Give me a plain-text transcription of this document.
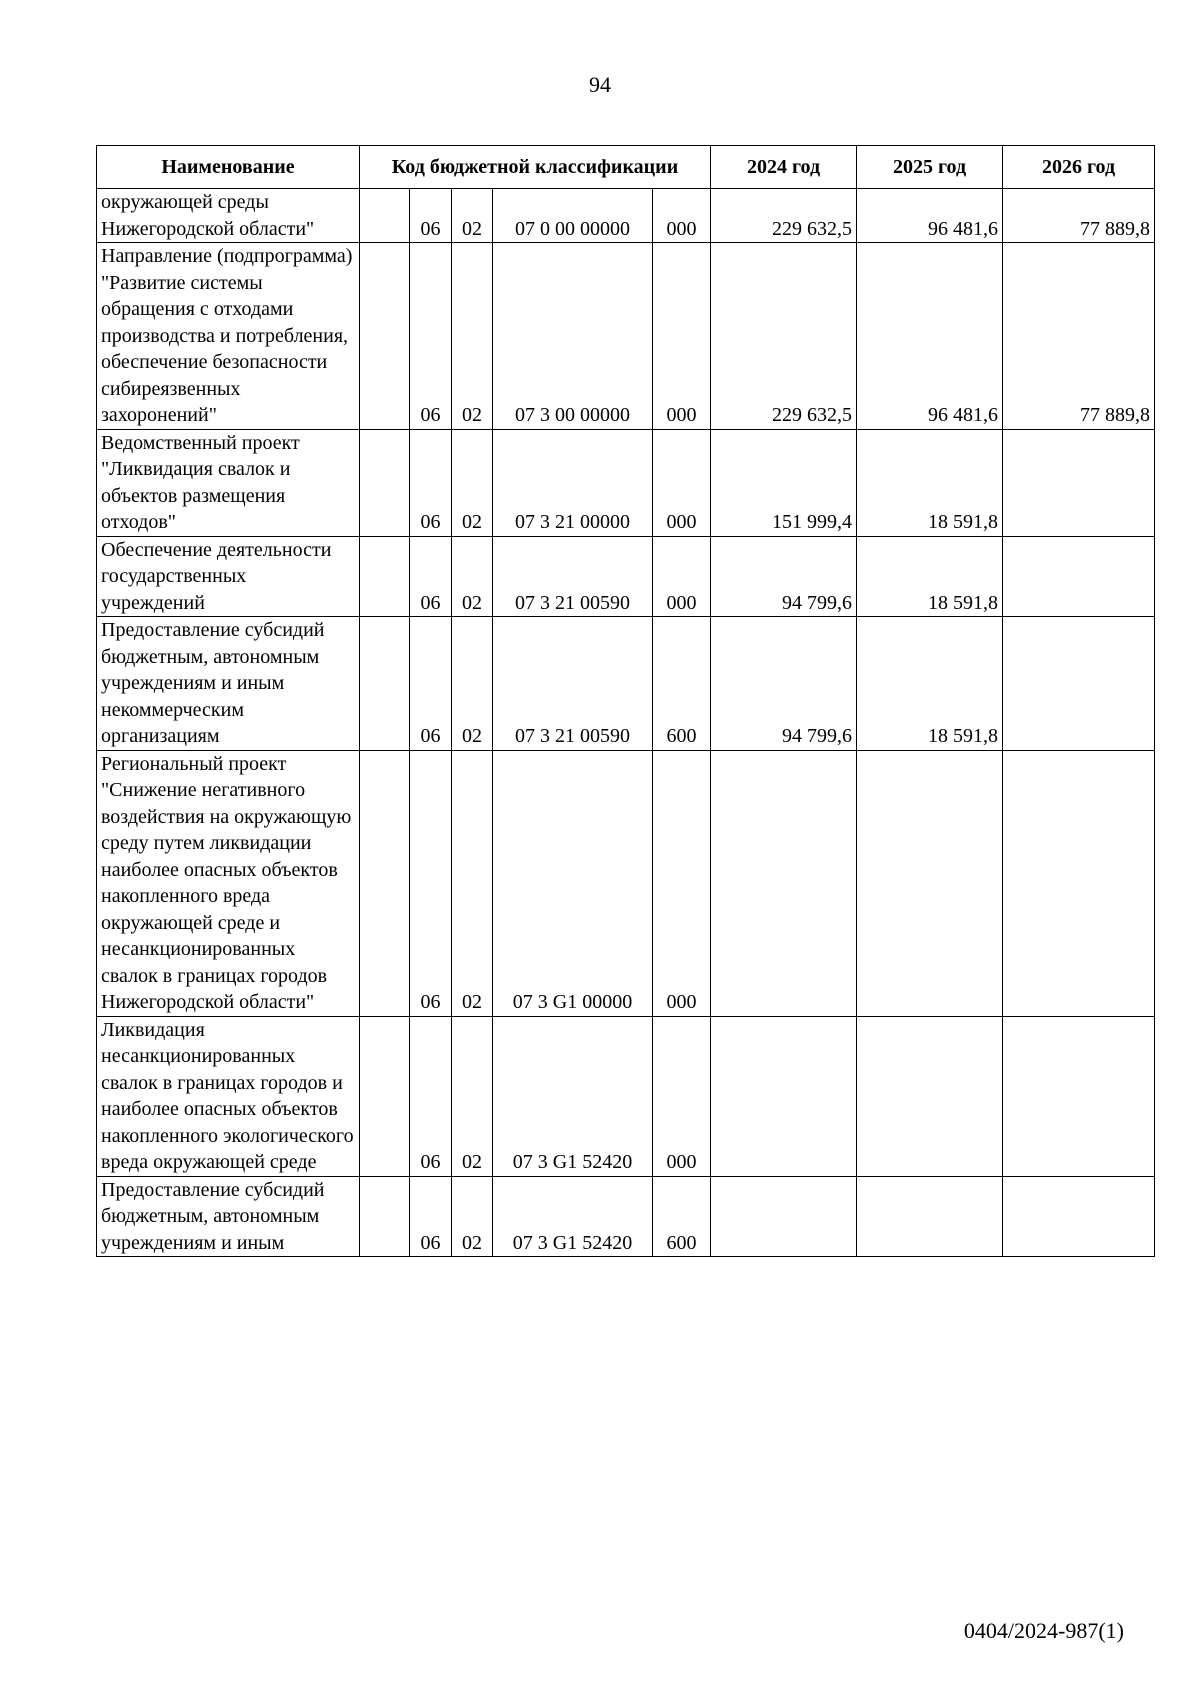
94
Наименование	Код бюджетной классификации					2024 год	2025 год	2026 год
окружающей среды Нижегородской области"		06	02	07 0 00 00000	000	229 632,5	96 481,6	77 889,8
Направление (подпрограмма) "Развитие системы обращения с отходами производства и потребления, обеспечение безопасности сибиреязвенных захоронений"		06	02	07 3 00 00000	000	229 632,5	96 481,6	77 889,8
Ведомственный проект "Ликвидация свалок и объектов размещения отходов"		06	02	07 3 21 00000	000	151 999,4	18 591,8	
Обеспечение деятельности государственных учреждений		06	02	07 3 21 00590	000	94 799,6	18 591,8	
Предоставление субсидий бюджетным, автономным учреждениям и иным некоммерческим организациям		06	02	07 3 21 00590	600	94 799,6	18 591,8	
Региональный проект "Снижение негативного воздействия на окружающую среду путем ликвидации наиболее опасных объектов накопленного вреда окружающей среде и несанкционированных свалок в границах городов Нижегородской области"		06	02	07 3 G1 00000	000			
Ликвидация несанкционированных свалок в границах городов и наиболее опасных объектов накопленного экологического вреда окружающей среде		06	02	07 3 G1 52420	000			
Предоставление субсидий бюджетным, автономным учреждениям и иным		06	02	07 3 G1 52420	600			
0404/2024-987(1)
